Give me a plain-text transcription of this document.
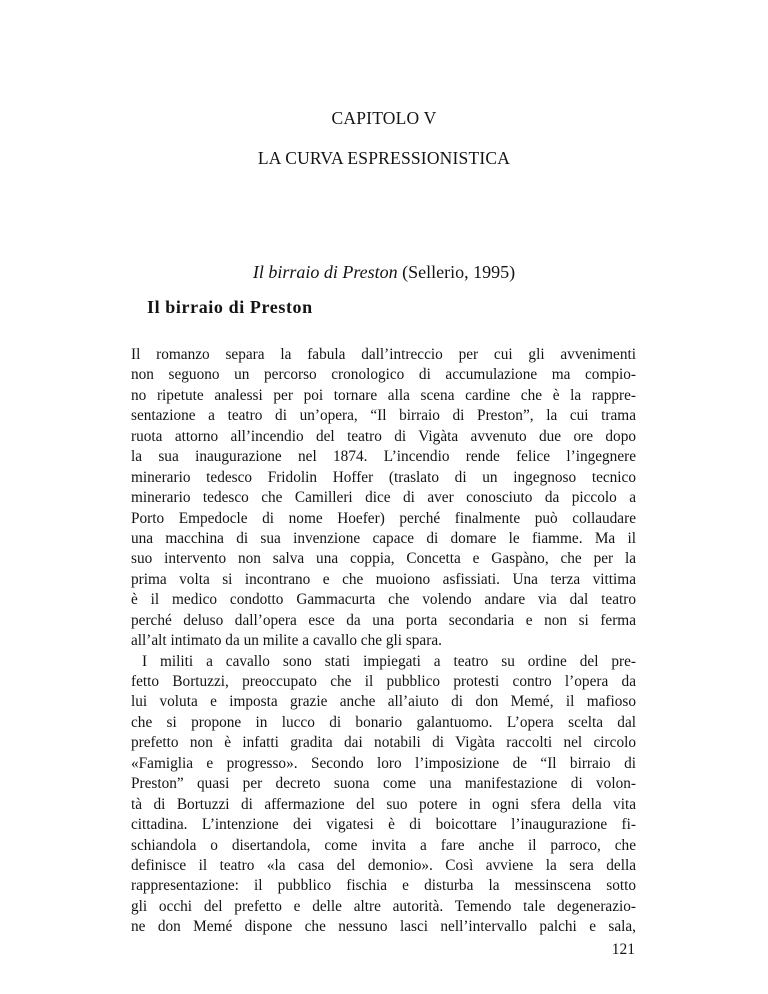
CAPITOLO V
LA CURVA ESPRESSIONISTICA
Il birraio di Preston (Sellerio, 1995)
Il birraio di Preston
Il romanzo separa la fabula dall’intreccio per cui gli avvenimenti
non seguono un percorso cronologico di accumulazione ma compio-
no ripetute analessi per poi tornare alla scena cardine che è la rappre-
sentazione a teatro di un’opera, “Il birraio di Preston”, la cui trama
ruota attorno all’incendio del teatro di Vigàta avvenuto due ore dopo
la sua inaugurazione nel 1874. L’incendio rende felice l’ingegnere
minerario tedesco Fridolin Hoffer (traslato di un ingegnoso tecnico
minerario tedesco che Camilleri dice di aver conosciuto da piccolo a
Porto Empedocle di nome Hoefer) perché finalmente può collaudare
una macchina di sua invenzione capace di domare le fiamme. Ma il
suo intervento non salva una coppia, Concetta e Gaspàno, che per la
prima volta si incontrano e che muoiono asfissiati. Una terza vittima
è il medico condotto Gammacurta che volendo andare via dal teatro
perché deluso dall’opera esce da una porta secondaria e non si ferma
all’alt intimato da un milite a cavallo che gli spara.
I militi a cavallo sono stati impiegati a teatro su ordine del pre-
fetto Bortuzzi, preoccupato che il pubblico protesti contro l’opera da
lui voluta e imposta grazie anche all’aiuto di don Memé, il mafioso
che si propone in lucco di bonario galantuomo. L’opera scelta dal
prefetto non è infatti gradita dai notabili di Vigàta raccolti nel circolo
«Famiglia e progresso». Secondo loro l’imposizione de “Il birraio di
Preston” quasi per decreto suona come una manifestazione di volon-
tà di Bortuzzi di affermazione del suo potere in ogni sfera della vita
cittadina. L’intenzione dei vigatesi è di boicottare l’inaugurazione fi-
schiandola o disertandola, come invita a fare anche il parroco, che
definisce il teatro «la casa del demonio». Così avviene la sera della
rappresentazione: il pubblico fischia e disturba la messinscena sotto
gli occhi del prefetto e delle altre autorità. Temendo tale degenerazio-
ne don Memé dispone che nessuno lasci nell’intervallo palchi e sala,
121
